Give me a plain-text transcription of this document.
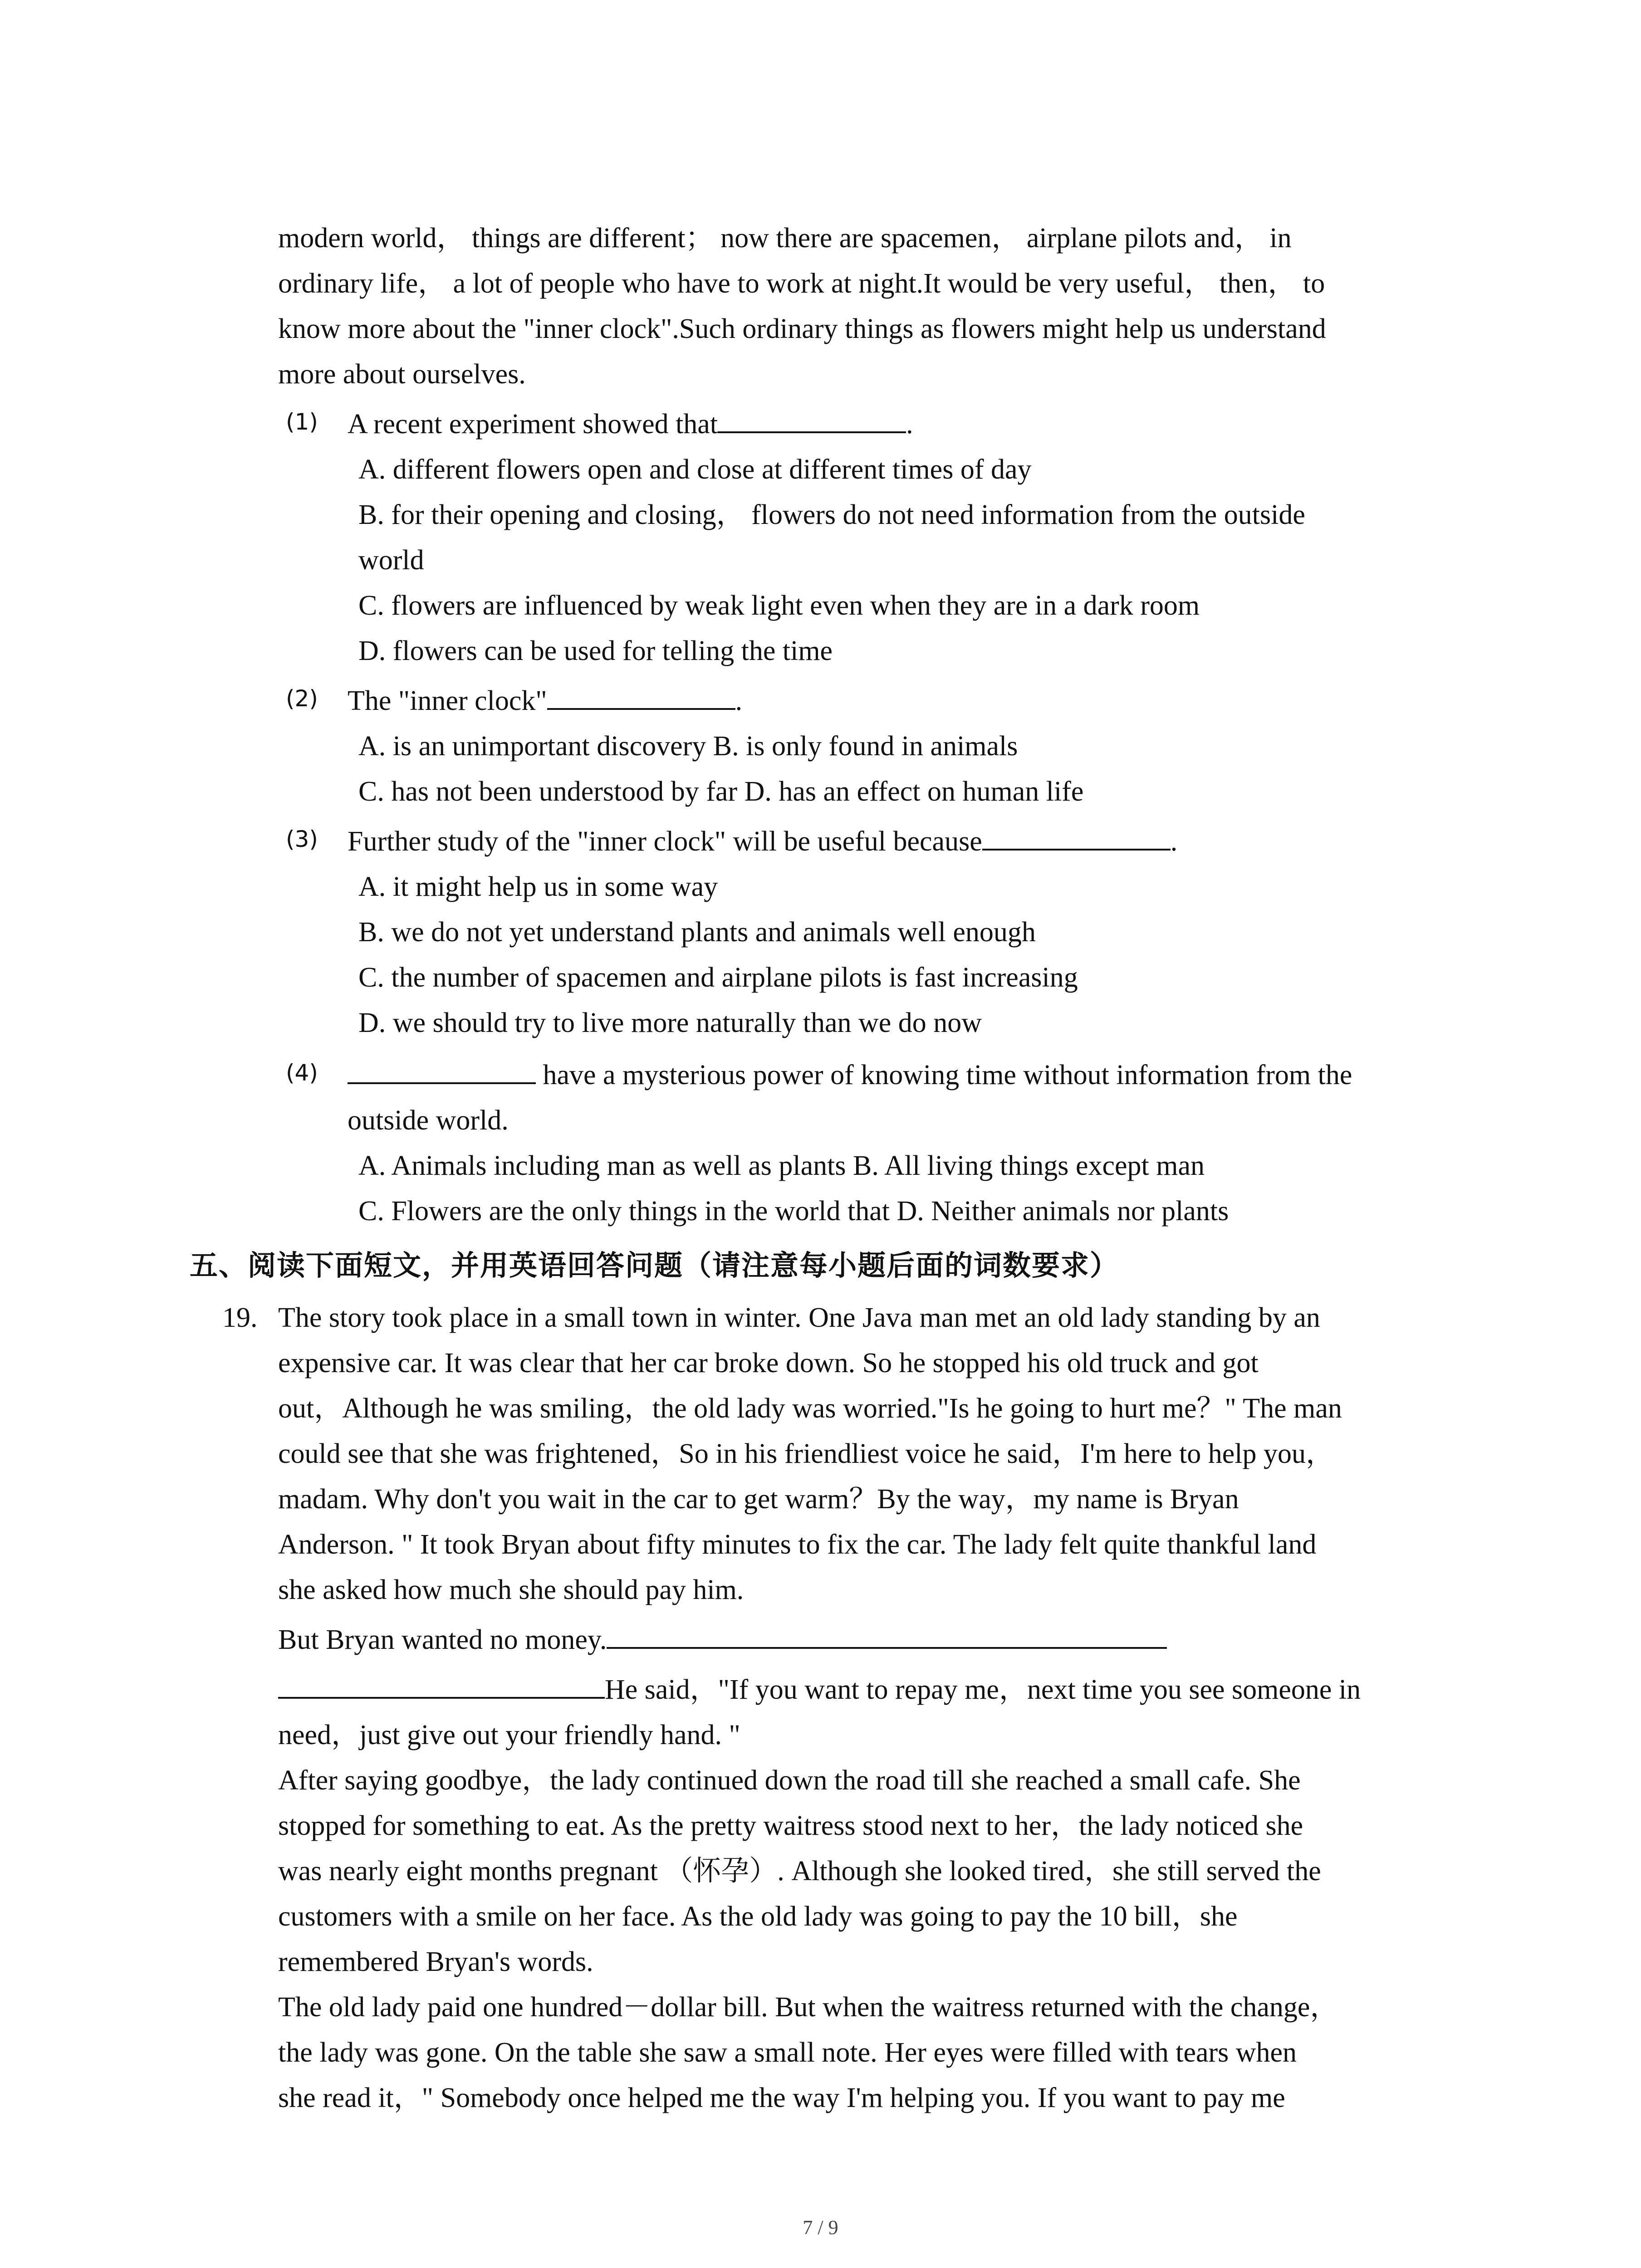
modern world， things are different； now there are spacemen， airplane pilots and， in
ordinary life， a lot of people who have to work at night.It would be very useful， then， to
know more about the "inner clock".Such ordinary things as flowers might help us understand
more about ourselves.
(1) A recent experiment showed that	.
A. different flowers open and close at different times of day
B. for their opening and closing， flowers do not need information from the outside
world
C. flowers are influenced by weak light even when they are in a dark room
D. flowers can be used for telling the time
(2) The "inner clock"	.
A. is an unimportant discovery B. is only found in animals
C. has not been understood by far D. has an effect on human life
(3) Further study of the "inner clock" will be useful because	.
A. it might help us in some way
B. we do not yet understand plants and animals well enough
C. the number of spacemen and airplane pilots is fast increasing
D. we should try to live more naturally than we do now
(4)	have a mysterious power of knowing time without information from the
outside world.
A. Animals including man as well as plants B. All living things except man
C. Flowers are the only things in the world that D. Neither animals nor plants
五、阅读下面短文，并用英语回答问题（请注意每小题后面的词数要求）
19. The story took place in a small town in winter. One Java man met an old lady standing by an
expensive car. It was clear that her car broke down. So he stopped his old truck and got
out，Although he was smiling，the old lady was worried."Is he going to hurt me？" The man
could see that she was frightened，So in his friendliest voice he said，I'm here to help you，
madam. Why don't you wait in the car to get warm？By the way，my name is Bryan
Anderson. " It took Bryan about fifty minutes to fix the car. The lady felt quite thankful land
she asked how much she should pay him.
But Bryan wanted no money.
He said，"If you want to repay me，next time you see someone in
need，just give out your friendly hand. "
After saying goodbye，the lady continued down the road till she reached a small cafe. She
stopped for something to eat. As the pretty waitress stood next to her，the lady noticed she
was nearly eight months pregnant （怀孕）. Although she looked tired，she still served the
customers with a smile on her face. As the old lady was going to pay the 10 bill，she
remembered Bryan's words.
The old lady paid one hundred－dollar bill. But when the waitress returned with the change，
the lady was gone. On the table she saw a small note. Her eyes were filled with tears when
she read it，" Somebody once helped me the way I'm helping you. If you want to pay me
7 / 9
